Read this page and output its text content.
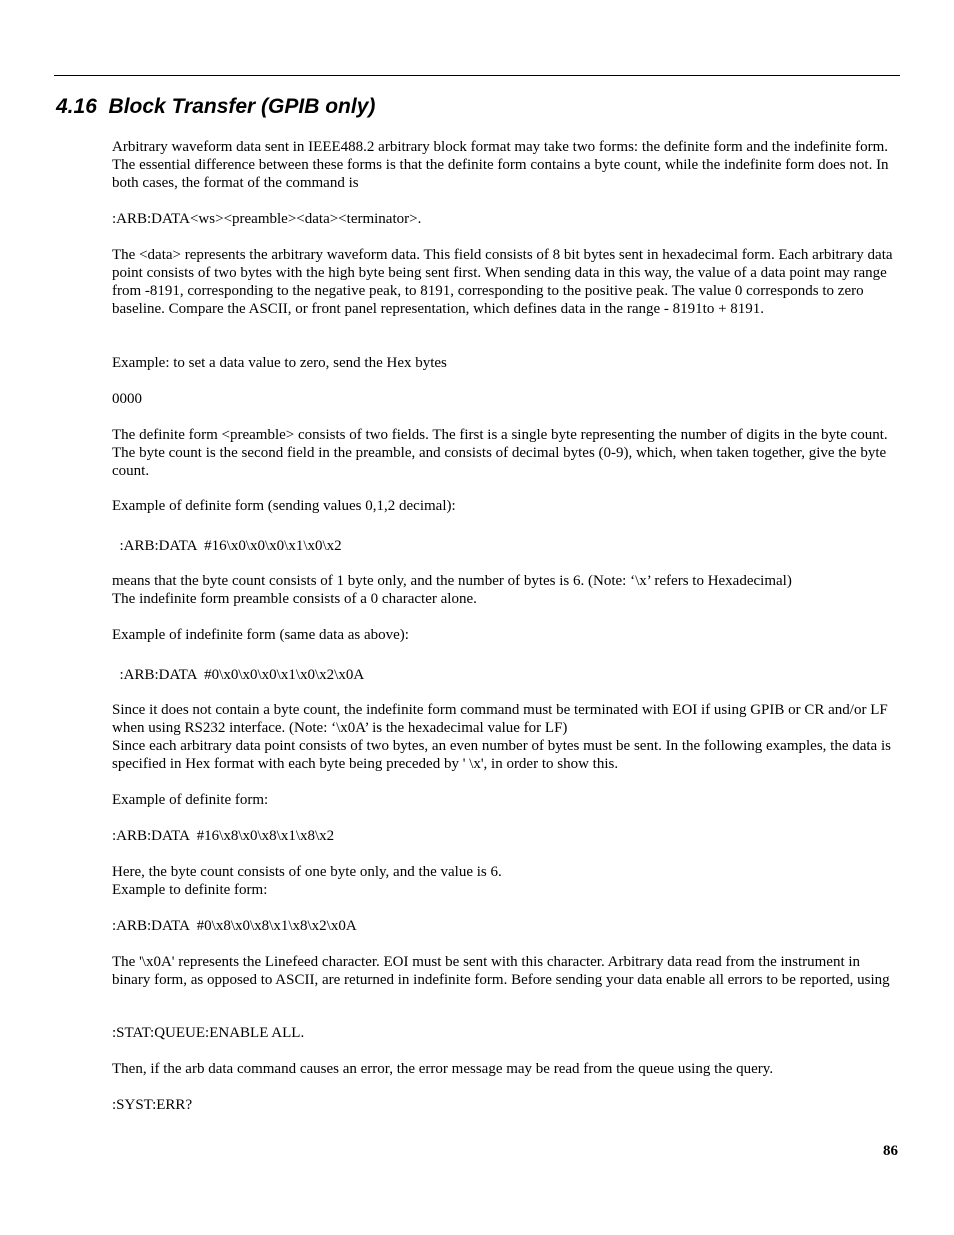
4.16 Block Transfer (GPIB only)

Arbitrary waveform data sent in IEEE488.2 arbitrary block format may take two forms: the definite form and the indefinite form. The essential difference between these forms is that the definite form contains a byte count, while the indefinite form does not. In both cases, the format of the command is

:ARB:DATA<ws><preamble><data><terminator>.

The <data> represents the arbitrary waveform data. This field consists of 8 bit bytes sent in hexadecimal form. Each arbitrary data point consists of two bytes with the high byte being sent first. When sending data in this way, the value of a data point may range from -8191, corresponding to the negative peak, to 8191, corresponding to the positive peak. The value 0 corresponds to zero baseline. Compare the ASCII, or front panel representation, which defines data in the range - 8191to + 8191.

Example: to set a data value to zero, send the Hex bytes

0000

The definite form <preamble> consists of two fields. The first is a single byte representing the number of digits in the byte count. The byte count is the second field in the preamble, and consists of decimal bytes (0-9), which, when taken together, give the byte count.

Example of definite form (sending values 0,1,2 decimal):

:ARB:DATA  #16\x0\x0\x0\x1\x0\x2

means that the byte count consists of 1 byte only, and the number of bytes is 6. (Note: ‘\x’ refers to Hexadecimal)
The indefinite form preamble consists of a 0 character alone.

Example of indefinite form (same data as above):

:ARB:DATA  #0\x0\x0\x0\x1\x0\x2\x0A

Since it does not contain a byte count, the indefinite form command must be terminated with EOI if using GPIB or CR and/or LF when using RS232 interface. (Note: ‘\x0A’ is the hexadecimal value for LF)
Since each arbitrary data point consists of two bytes, an even number of bytes must be sent. In the following examples, the data is specified in Hex format with each byte being preceded by ' \x', in order to show this.

Example of definite form:

:ARB:DATA  #16\x8\x0\x8\x1\x8\x2

Here, the byte count consists of one byte only, and the value is 6.
Example to definite form:

:ARB:DATA  #0\x8\x0\x8\x1\x8\x2\x0A

The '\x0A' represents the Linefeed character. EOI must be sent with this character. Arbitrary data read from the instrument in binary form, as opposed to ASCII, are returned in indefinite form. Before sending your data enable all errors to be reported, using

:STAT:QUEUE:ENABLE ALL.

Then, if the arb data command causes an error, the error message may be read from the queue using the query.

:SYST:ERR?

86
